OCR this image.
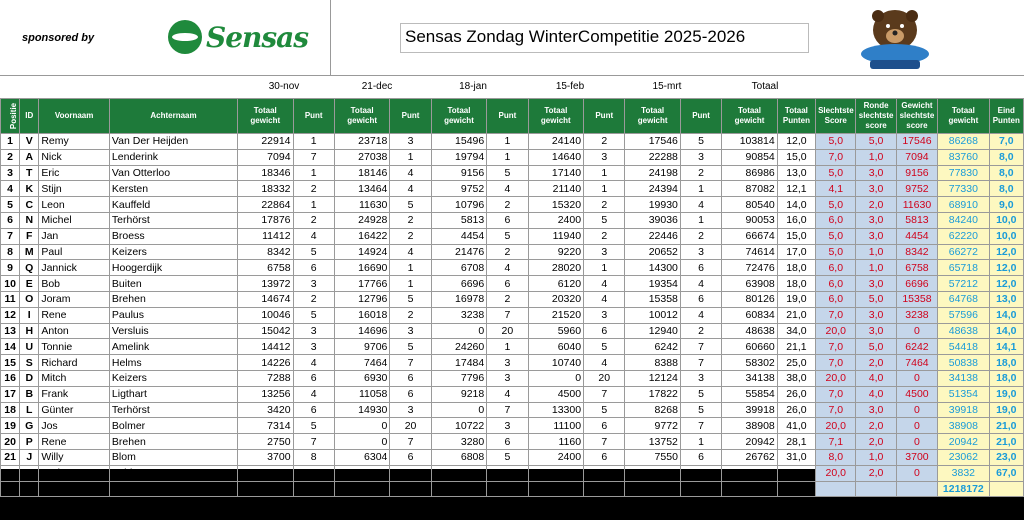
sponsored by	Sensas	Sensas Zondag WinterCompetitie 2025-2026
30-nov	21-dec	18-jan	15-feb	15-mrt	Totaal
Positie	ID	Voornaam	Achternaam	Totaal gewicht	Punt	Totaal gewicht	Punt	Totaal gewicht	Punt	Totaal gewicht	Punt	Totaal gewicht	Punt	Totaal gewicht	Totaal Punten	Slechtste Score	Ronde slechtste score	Gewicht slechtste score	Totaal gewicht	Eind Punten
1	V	Remy	Van Der Heijden	22914	1	23718	3	15496	1	24140	2	17546	5	103814	12,0	5,0	5,0	17546	86268	7,0
2	A	Nick	Lenderink	7094	7	27038	1	19794	1	14640	3	22288	3	90854	15,0	7,0	1,0	7094	83760	8,0
3	T	Eric	Van Otterloo	18346	1	18146	4	9156	5	17140	1	24198	2	86986	13,0	5,0	3,0	9156	77830	8,0
4	K	Stijn	Kersten	18332	2	13464	4	9752	4	21140	1	24394	1	87082	12,1	4,1	3,0	9752	77330	8,0
5	C	Leon	Kauffeld	22864	1	11630	5	10796	2	15320	2	19930	4	80540	14,0	5,0	2,0	11630	68910	9,0
6	N	Michel	Terhörst	17876	2	24928	2	5813	6	2400	5	39036	1	90053	16,0	6,0	3,0	5813	84240	10,0
7	F	Jan	Broess	11412	4	16422	2	4454	5	11940	2	22446	2	66674	15,0	5,0	3,0	4454	62220	10,0
8	M	Paul	Keizers	8342	5	14924	4	21476	2	9220	3	20652	3	74614	17,0	5,0	1,0	8342	66272	12,0
9	Q	Jannick	Hoogerdijk	6758	6	16690	1	6708	4	28020	1	14300	6	72476	18,0	6,0	1,0	6758	65718	12,0
10	E	Bob	Buiten	13972	3	17766	1	6696	6	6120	4	19354	4	63908	18,0	6,0	3,0	6696	57212	12,0
11	O	Joram	Brehen	14674	2	12796	5	16978	2	20320	4	15358	6	80126	19,0	6,0	5,0	15358	64768	13,0
12	I	Rene	Paulus	10046	5	16018	2	3238	7	21520	3	10012	4	60834	21,0	7,0	3,0	3238	57596	14,0
13	H	Anton	Versluis	15042	3	14696	3	0	20	5960	6	12940	2	48638	34,0	20,0	3,0	0	48638	14,0
14	U	Tonnie	Amelink	14412	3	9706	5	24260	1	6040	5	6242	7	60660	21,1	7,0	5,0	6242	54418	14,1
15	S	Richard	Helms	14226	4	7464	7	17484	3	10740	4	8388	7	58302	25,0	7,0	2,0	7464	50838	18,0
16	D	Mitch	Keizers	7288	6	6930	6	7796	3	0	20	12124	3	34138	38,0	20,0	4,0	0	34138	18,0
17	B	Frank	Ligthart	13256	4	11058	6	9218	4	4500	7	17822	5	55854	26,0	7,0	4,0	4500	51354	19,0
18	L	Günter	Terhörst	3420	6	14930	3	0	7	13300	5	8268	5	39918	26,0	7,0	3,0	0	39918	19,0
19	G	Jos	Bolmer	7314	5	0	20	10722	3	11100	6	9772	7	38908	41,0	20,0	2,0	0	38908	21,0
20	P	Rene	Brehen	2750	7	0	7	3280	6	1160	7	13752	1	20942	28,1	7,1	2,0	0	20942	21,0
21	J	Willy	Blom	3700	8	6304	6	6808	5	2400	6	7550	6	26762	31,0	8,0	1,0	3700	23062	23,0
22	R	Andre	Schipper	3832	7	0	20	0	20	0	20	0	20	3832	87,0	20,0	2,0	0	3832	67,0
		Totaal		257870		284628		209925		247120		346372		1345915					1218172	
